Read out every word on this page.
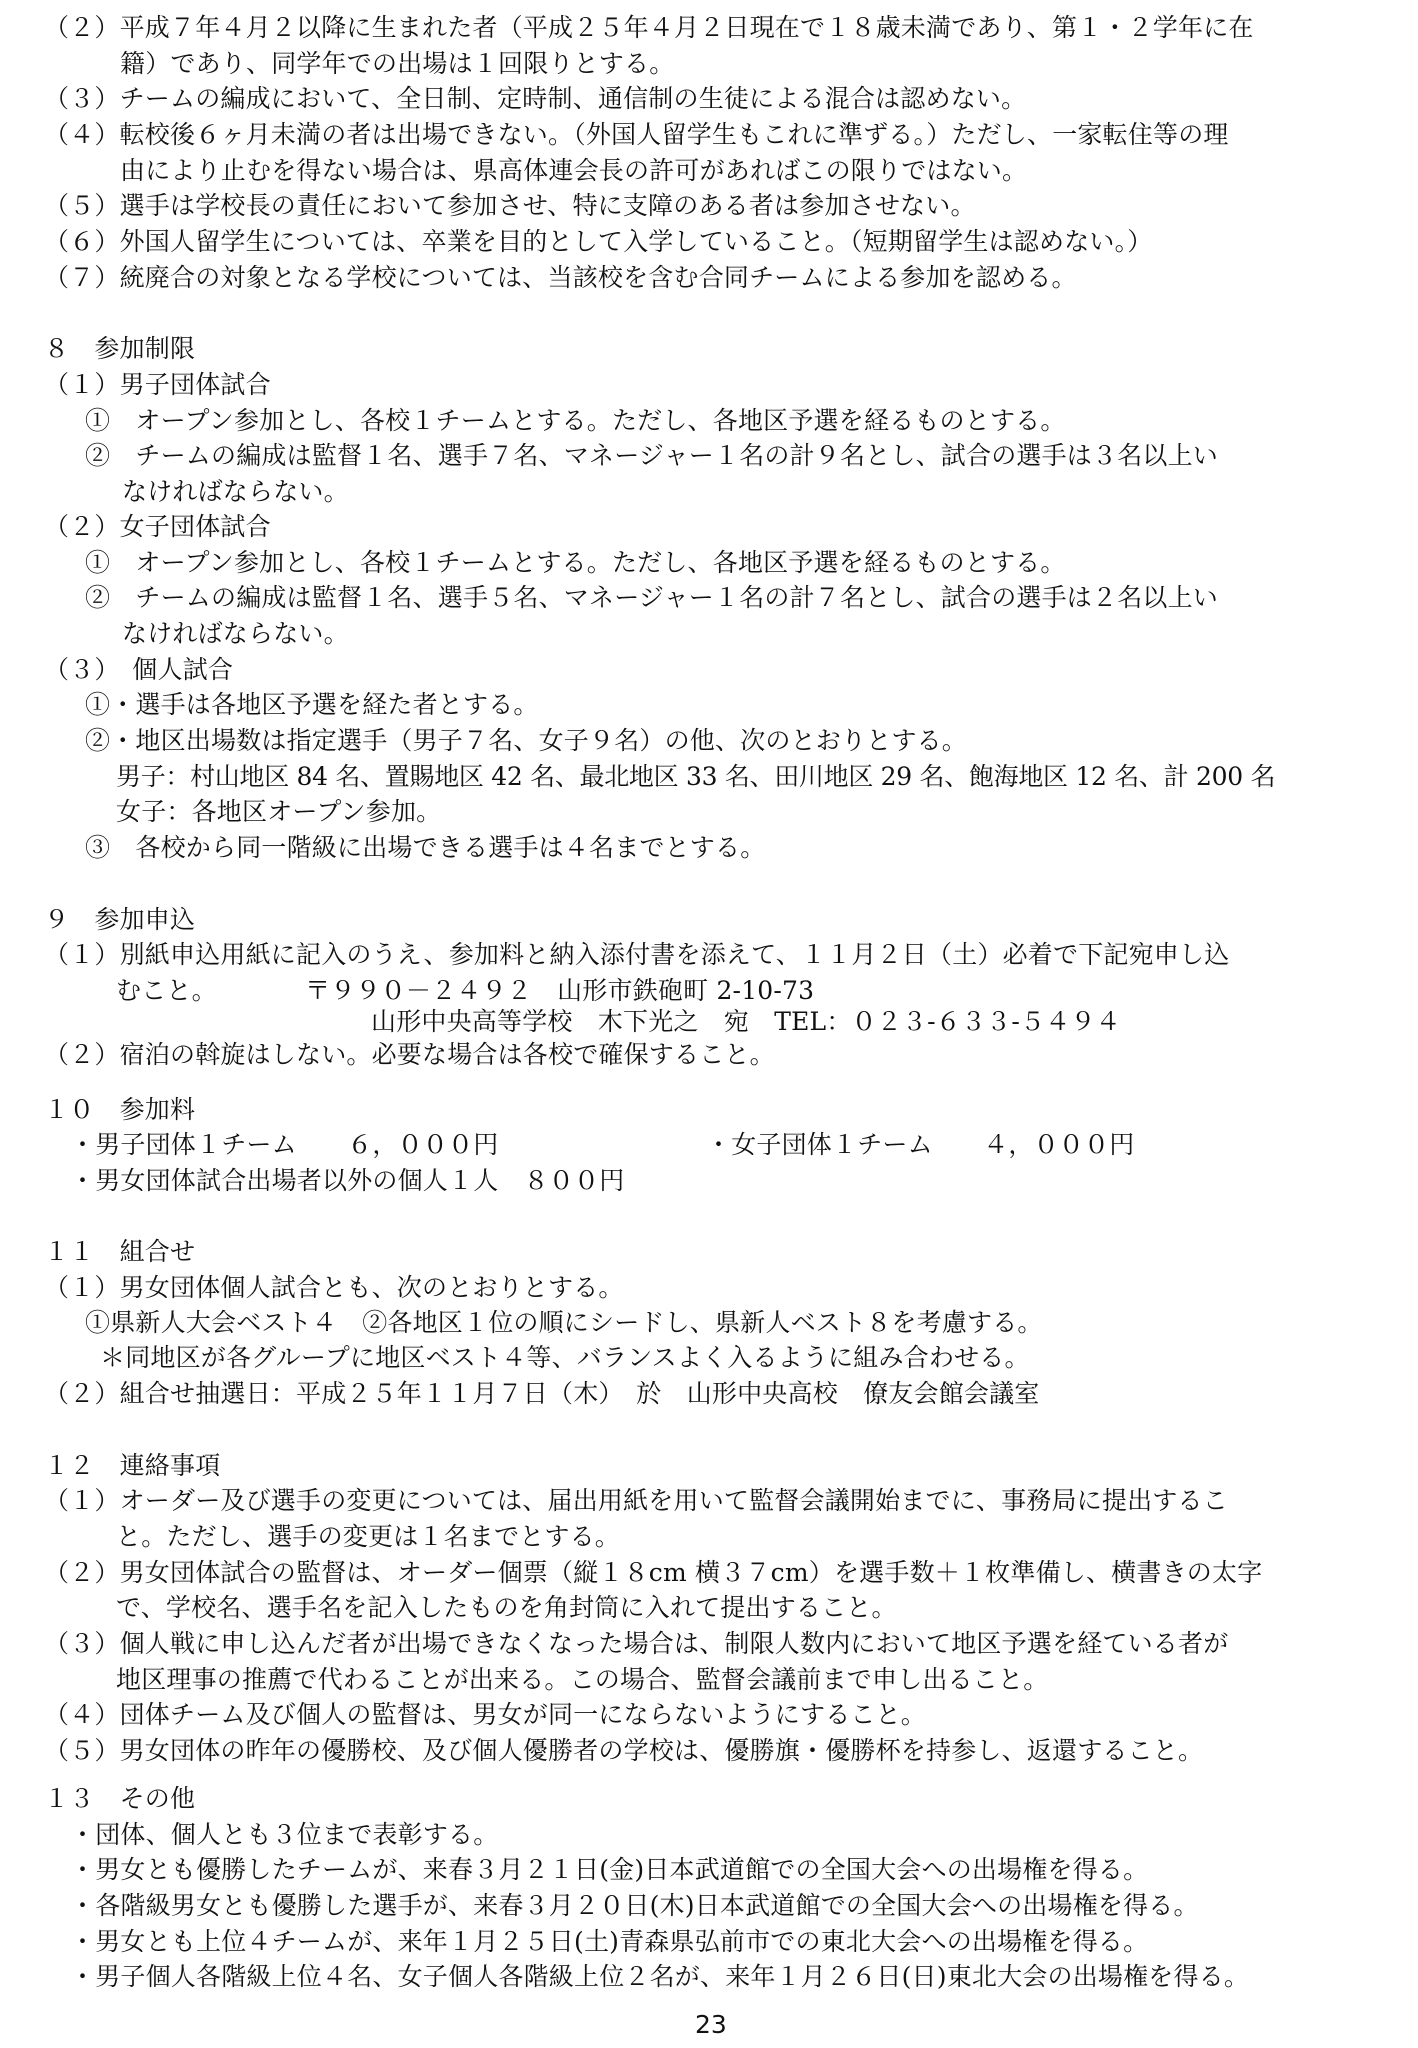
（２）平成７年４月２以降に生まれた者（平成２５年４月２日現在で１８歳未満であり、第１・２学年に在
籍）であり、同学年での出場は１回限りとする。
（３）チームの編成において、全日制、定時制、通信制の生徒による混合は認めない。
（４）転校後６ヶ月未満の者は出場できない。（外国人留学生もこれに準ずる。）ただし、一家転住等の理
由により止むを得ない場合は、県高体連会長の許可があればこの限りではない。
（５）選手は学校長の責任において参加させ、特に支障のある者は参加させない。
（６）外国人留学生については、卒業を目的として入学していること。（短期留学生は認めない。）
（７）統廃合の対象となる学校については、当該校を含む合同チームによる参加を認める。
８　参加制限
（１）男子団体試合
①　オープン参加とし、各校１チームとする。ただし、各地区予選を経るものとする。
②　チームの編成は監督１名、選手７名、マネージャー１名の計９名とし、試合の選手は３名以上い
なければならない。
（２）女子団体試合
①　オープン参加とし、各校１チームとする。ただし、各地区予選を経るものとする。
②　チームの編成は監督１名、選手５名、マネージャー１名の計７名とし、試合の選手は２名以上い
なければならない。
（３）　個人試合
①・選手は各地区予選を経た者とする。
②・地区出場数は指定選手（男子７名、女子９名）の他、次のとおりとする。
男子：村山地区 84 名、置賜地区 42 名、最北地区 33 名、田川地区 29 名、飽海地区 12 名、計 200 名
女子：各地区オープン参加。
③　各校から同一階級に出場できる選手は４名までとする。
９　参加申込
（１）別紙申込用紙に記入のうえ、参加料と納入添付書を添えて、１１月２日（土）必着で下記宛申し込
むこと。　　　　〒９９０－２４９２　山形市鉄砲町 2-10-73
山形中央高等学校　木下光之　宛　TEL：０２３-６３３-５４９４
（２）宿泊の斡旋はしない。必要な場合は各校で確保すること。
１０　参加料
・男子団体１チーム　　６，０００円	・女子団体１チーム　　４，０００円
・男女団体試合出場者以外の個人１人　８００円
１１　組合せ
（１）男女団体個人試合とも、次のとおりとする。
①県新人大会ベスト４　②各地区１位の順にシードし、県新人ベスト８を考慮する。
＊同地区が各グループに地区ベスト４等、バランスよく入るように組み合わせる。
（２）組合せ抽選日：平成２５年１１月７日（木）　於　山形中央高校　僚友会館会議室
１２　連絡事項
（１）オーダー及び選手の変更については、届出用紙を用いて監督会議開始までに、事務局に提出するこ
と。ただし、選手の変更は１名までとする。
（２）男女団体試合の監督は、オーダー個票（縦１８cm 横３７cm）を選手数＋１枚準備し、横書きの太字
で、学校名、選手名を記入したものを角封筒に入れて提出すること。
（３）個人戦に申し込んだ者が出場できなくなった場合は、制限人数内において地区予選を経ている者が
地区理事の推薦で代わることが出来る。この場合、監督会議前まで申し出ること。
（４）団体チーム及び個人の監督は、男女が同一にならないようにすること。
（５）男女団体の昨年の優勝校、及び個人優勝者の学校は、優勝旗・優勝杯を持参し、返還すること。
１３　その他
・団体、個人とも３位まで表彰する。
・男女とも優勝したチームが、来春３月２１日(金)日本武道館での全国大会への出場権を得る。
・各階級男女とも優勝した選手が、来春３月２０日(木)日本武道館での全国大会への出場権を得る。
・男女とも上位４チームが、来年１月２５日(土)青森県弘前市での東北大会への出場権を得る。
・男子個人各階級上位４名、女子個人各階級上位２名が、来年１月２６日(日)東北大会の出場権を得る。
23
